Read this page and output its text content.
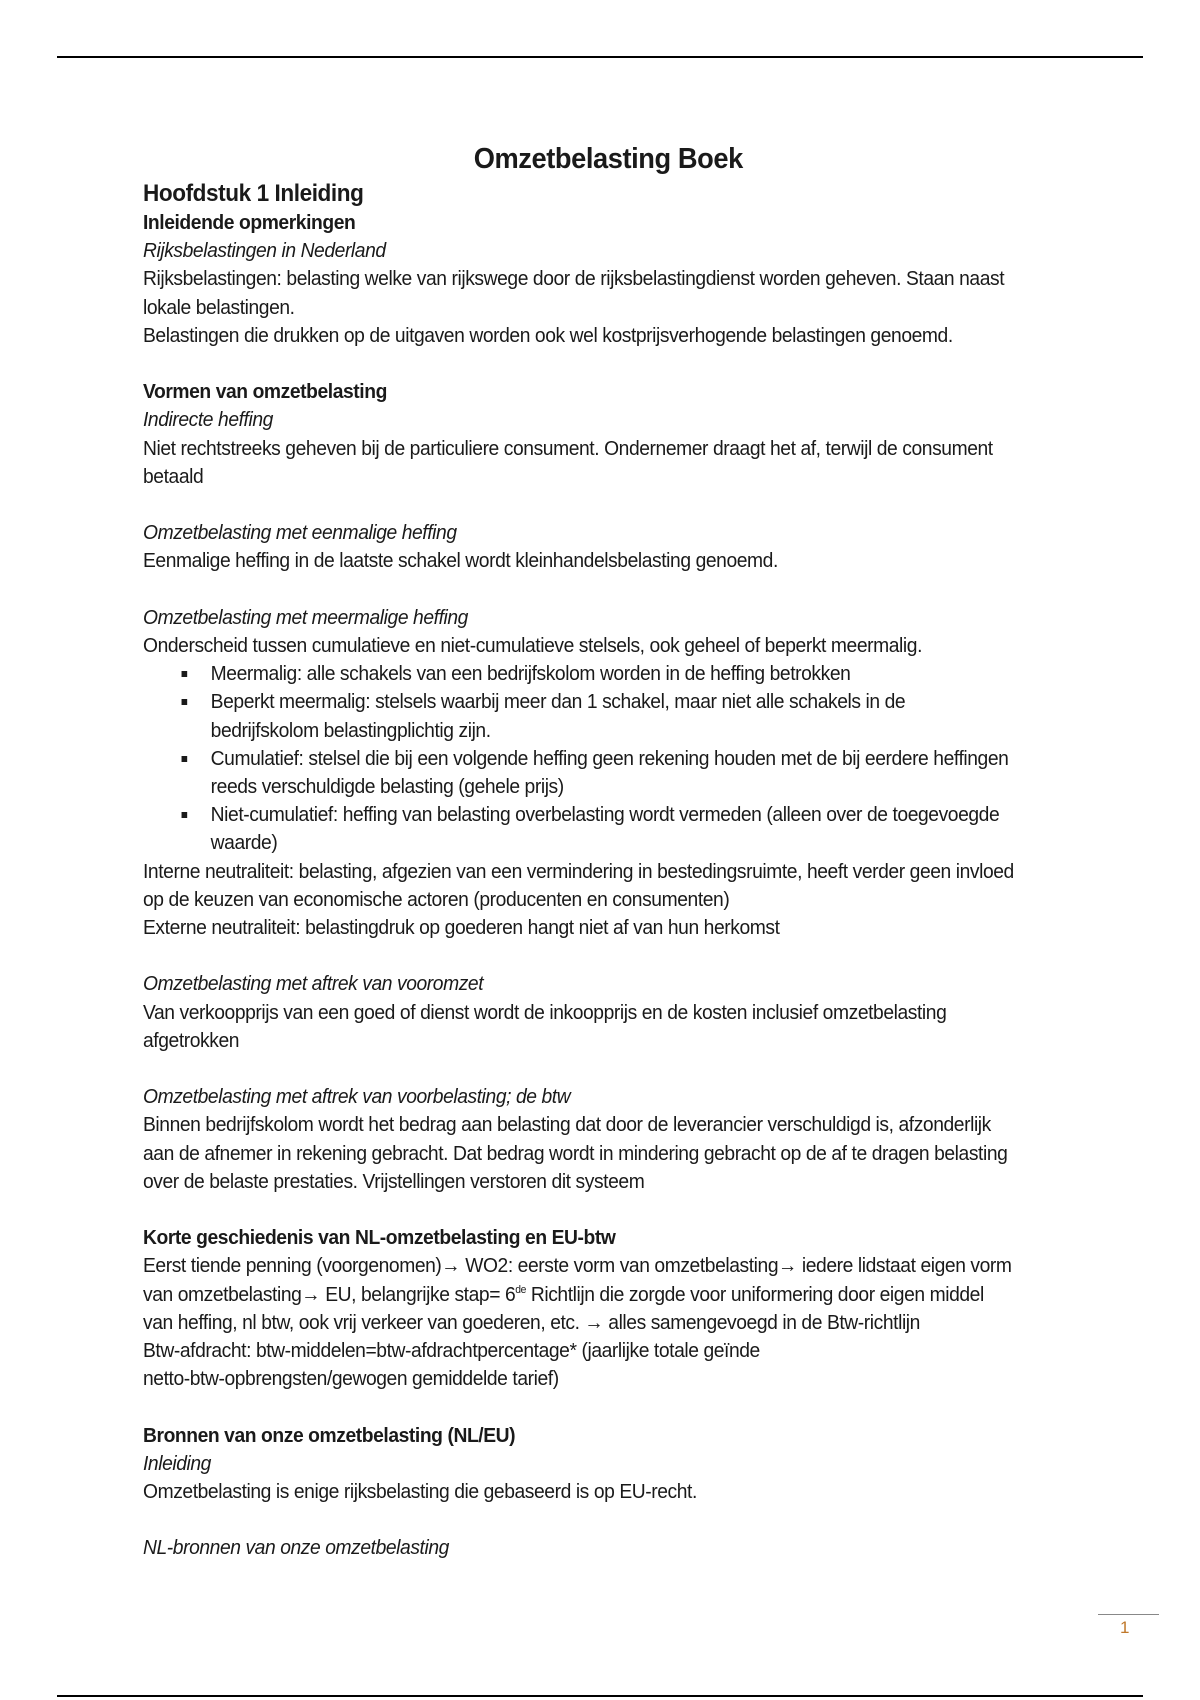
Omzetbelasting Boek

Hoofdstuk 1 Inleiding

Inleidende opmerkingen

Rijksbelastingen in Nederland

Rijksbelastingen: belasting welke van rijkswege door de rijksbelastingdienst worden geheven. Staan naast lokale belastingen.

Belastingen die drukken op de uitgaven worden ook wel kostprijsverhogende belastingen genoemd.

Vormen van omzetbelasting

Indirecte heffing

Niet rechtstreeks geheven bij de particuliere consument. Ondernemer draagt het af, terwijl de consument betaald

Omzetbelasting met eenmalige heffing

Eenmalige heffing in de laatste schakel wordt kleinhandelsbelasting genoemd.

Omzetbelasting met meermalige heffing

Onderscheid tussen cumulatieve en niet-cumulatieve stelsels, ook geheel of beperkt meermalig.

Meermalig: alle schakels van een bedrijfskolom worden in de heffing betrokken
Beperkt meermalig: stelsels waarbij meer dan 1 schakel, maar niet alle schakels in de bedrijfskolom belastingplichtig zijn.
Cumulatief: stelsel die bij een volgende heffing geen rekening houden met de bij eerdere heffingen reeds verschuldigde belasting (gehele prijs)
Niet-cumulatief: heffing van belasting overbelasting wordt vermeden (alleen over de toegevoegde waarde)

Interne neutraliteit: belasting, afgezien van een vermindering in bestedingsruimte, heeft verder geen invloed op de keuzen van economische actoren (producenten en consumenten)

Externe neutraliteit: belastingdruk op goederen hangt niet af van hun herkomst

Omzetbelasting met aftrek van vooromzet

Van verkoopprijs van een goed of dienst wordt de inkoopprijs en de kosten inclusief omzetbelasting afgetrokken

Omzetbelasting met aftrek van voorbelasting; de btw

Binnen bedrijfskolom wordt het bedrag aan belasting dat door de leverancier verschuldigd is, afzonderlijk aan de afnemer in rekening gebracht. Dat bedrag wordt in mindering gebracht op de af te dragen belasting over de belaste prestaties. Vrijstellingen verstoren dit systeem

Korte geschiedenis van NL-omzetbelasting en EU-btw

Eerst tiende penning (voorgenomen)→ WO2: eerste vorm van omzetbelasting→ iedere lidstaat eigen vorm van omzetbelasting→ EU, belangrijke stap= 6de Richtlijn die zorgde voor uniformering door eigen middel van heffing, nl btw, ook vrij verkeer van goederen, etc. → alles samengevoegd in de Btw-richtlijn

Btw-afdracht: btw-middelen=btw-afdrachtpercentage* (jaarlijke totale geïnde netto-btw-opbrengsten/gewogen gemiddelde tarief)

Bronnen van onze omzetbelasting (NL/EU)

Inleiding

Omzetbelasting is enige rijksbelasting die gebaseerd is op EU-recht.

NL-bronnen van onze omzetbelasting

1
